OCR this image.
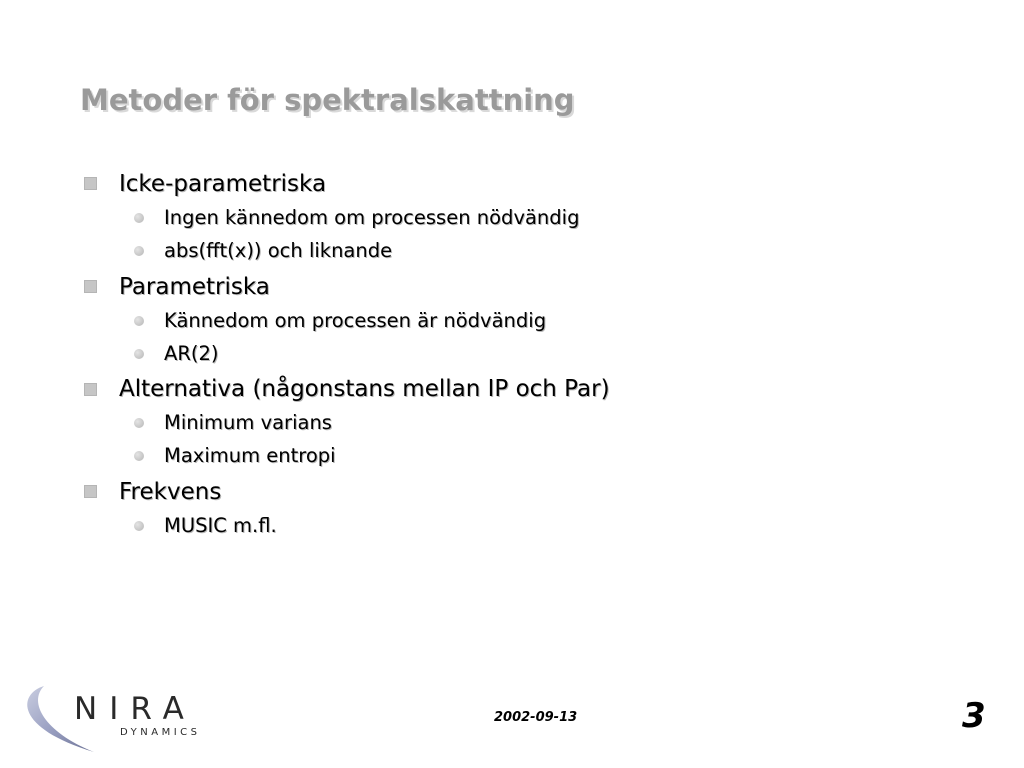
Metoder för spektralskattning
Icke-parametriska
Ingen kännedom om processen nödvändig
abs(fft(x)) och liknande
Parametriska
Kännedom om processen är nödvändig
AR(2)
Alternativa (någonstans mellan IP och Par)
Minimum varians
Maximum entropi
Frekvens
MUSIC m.fl.
NIRA
DYNAMICS
2002-09-13	3
